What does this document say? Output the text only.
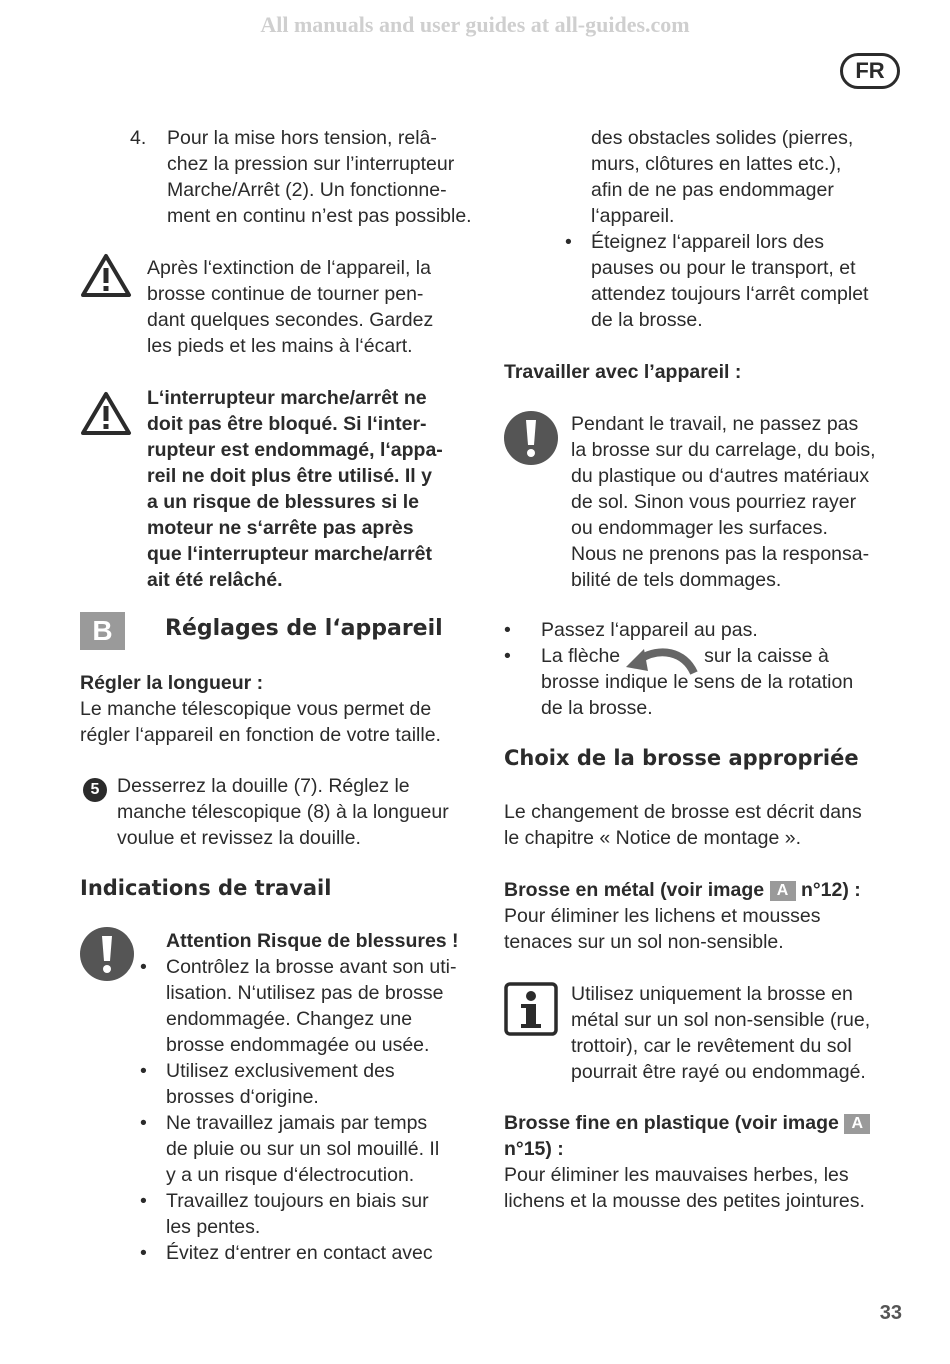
All manuals and user guides at all-guides.com
FR
4. Pour la mise hors tension, relâ-

chez la pression sur l’interrupteur

Marche/Arrêt (2). Un fonctionne-

ment en continu n’est pas possible.

Après l‘extinction de l‘appareil, la

brosse continue de tourner pen-

dant quelques secondes. Gardez

les pieds et les mains à l‘écart.

L‘interrupteur marche/arrêt ne

doit pas être bloqué. Si l‘inter-

rupteur est endommagé, l‘appa-

reil ne doit plus être utilisé. Il y

a un risque de blessures si le

moteur ne s‘arrête pas après

que l‘interrupteur marche/arrêt

ait été relâché.

B	Réglages de l‘appareil

Régler la longueur :

Le manche télescopique vous permet de

régler l‘appareil en fonction de votre taille.

5 Desserrez la douille (7). Réglez le

manche télescopique (8) à la longueur

voulue et revissez la douille.

Indications de travail

Attention Risque de blessures !

• Contrôlez la brosse avant son uti-

lisation. N‘utilisez pas de brosse

endommagée. Changez une

brosse endommagée ou usée.

• Utilisez exclusivement des

brosses d‘origine.

• Ne travaillez jamais par temps

de pluie ou sur un sol mouillé. Il

y a un risque d‘électrocution.

• Travaillez toujours en biais sur

les pentes.

• Évitez d‘entrer en contact avec

des obstacles solides (pierres,

murs, clôtures en lattes etc.),

afin de ne pas endommager

l‘appareil.

• Éteignez l‘appareil lors des

pauses ou pour le transport, et

attendez toujours l‘arrêt complet

de la brosse.

Travailler avec l’appareil :

Pendant le travail, ne passez pas

la brosse sur du carrelage, du bois,

du plastique ou d‘autres matériaux

de sol. Sinon vous pourriez rayer

ou endommager les surfaces.

Nous ne prenons pas la responsa-

bilité de tels dommages.

•	Passez l‘appareil au pas.

• La flèche	sur la caisse à

brosse indique le sens de la rotation

de la brosse.

Choix de la brosse appropriée

Le changement de brosse est décrit dans

le chapitre « Notice de montage ».

Brosse en métal (voir image A n°12) :

Pour éliminer les lichens et mousses

tenaces sur un sol non-sensible.

Utilisez uniquement la brosse en

métal sur un sol non-sensible (rue,

trottoir), car le revêtement du sol

pourrait être rayé ou endommagé.

Brosse fine en plastique (voir image A

n°15) :

Pour éliminer les mauvaises herbes, les

lichens et la mousse des petites jointures.

33
